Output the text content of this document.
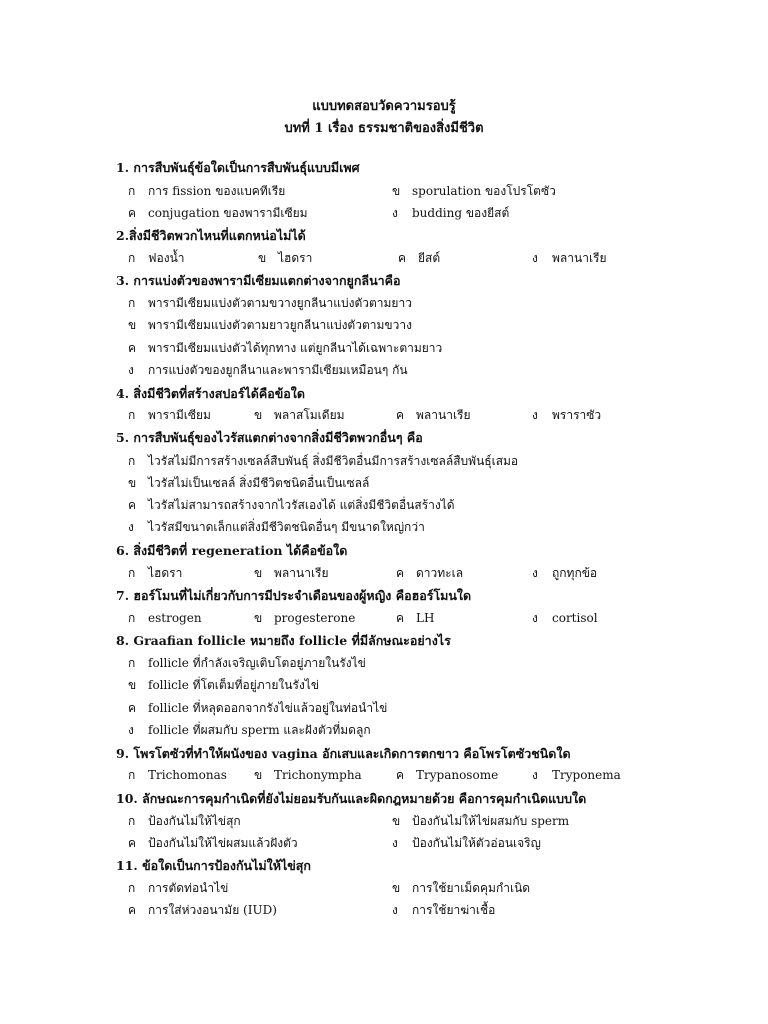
แบบทดสอบวัดความรอบรู้
บทที่ 1 เรื่อง ธรรมชาติของสิ่งมีชีวิต
1. การสืบพันธุ์ข้อใดเป็นการสืบพันธุ์แบบมีเพศ
ก การ fission ของแบคทีเรีย	ข sporulation ของโปรโตซัว
ค conjugation ของพารามีเซียม	ง budding ของยีสต์
2.สิ่งมีชีวิตพวกไหนที่แตกหน่อไม่ได้
ก ฟองน้ำ	ข ไฮดรา	ค ยีสต์	ง พลานาเรีย
3. การแบ่งตัวของพารามีเซียมแตกต่างจากยูกลีนาคือ
ก พารามีเซียมแบ่งตัวตามขวางยูกลีนาแบ่งตัวตามยาว
ข พารามีเซียมแบ่งตัวตามยาวยูกลีนาแบ่งตัวตามขวาง
ค พารามีเซียมแบ่งตัวได้ทุกทาง แต่ยูกลีนาได้เฉพาะตามยาว
ง การแบ่งตัวของยูกลีนาและพารามีเซียมเหมือนๆ กัน
4. สิ่งมีชีวิตที่สร้างสปอร์ได้คือข้อใด
ก พารามีเซียม	ข พลาสโมเดียม	ค พลานาเรีย	ง พราราซัว
5. การสืบพันธุ์ของไวรัสแตกต่างจากสิ่งมีชีวิตพวกอื่นๆ คือ
ก ไวรัสไม่มีการสร้างเซลล์สืบพันธุ์ สิ่งมีชีวิตอื่นมีการสร้างเซลล์สืบพันธุ์เสมอ
ข ไวรัสไม่เป็นเซลล์ สิ่งมีชีวิตชนิดอื่นเป็นเซลล์
ค ไวรัสไม่สามารถสร้างจากไวรัสเองได้ แต่สิ่งมีชีวิตอื่นสร้างได้
ง ไวรัสมีขนาดเล็กแต่สิ่งมีชีวิตชนิดอื่นๆ มีขนาดใหญ่กว่า
6. สิ่งมีชีวิตที่ regeneration ได้คือข้อใด
ก ไฮดรา	ข พลานาเรีย	ค ดาวทะเล	ง ถูกทุกข้อ
7. ฮอร์โมนที่ไม่เกี่ยวกับการมีประจำเดือนของผู้หญิง คือฮอร์โมนใด
ก estrogen	ข progesterone	ค LH	ง cortisol
8. Graafian follicle หมายถึง follicle ที่มีลักษณะอย่างไร
ก follicle ที่กำลังเจริญเติบโตอยู่ภายในรังไข่
ข follicle ที่โตเต็มที่อยู่ภายในรังไข่
ค follicle ที่หลุดออกจากรังไข่แล้วอยู่ในท่อนำไข่
ง follicle ที่ผสมกับ sperm และฝังตัวที่มดลูก
9. โพรโตซัวที่ทำให้ผนังของ vagina อักเสบและเกิดการตกขาว คือโพรโตซัวชนิดใด
ก Trichomonas ข Trichonympha	ค Trypanosome	ง Tryponema
10. ลักษณะการคุมกำเนิดที่ยังไม่ยอมรับกันและผิดกฎหมายด้วย คือการคุมกำเนิดแบบใด
ก ป้องกันไม่ให้ไข่สุก	ข ป้องกันไม่ให้ไข่ผสมกับ sperm
ค ป้องกันไม่ให้ไข่ผสมแล้วฝังตัว	ง ป้องกันไม่ให้ตัวอ่อนเจริญ
11. ข้อใดเป็นการป้องกันไม่ให้ไข่สุก
ก การตัดท่อนำไข่	ข การใช้ยาเม็ดคุมกำเนิด
ค การใส่ห่วงอนามัย (IUD)	ง การใช้ยาฆ่าเชื้อ
